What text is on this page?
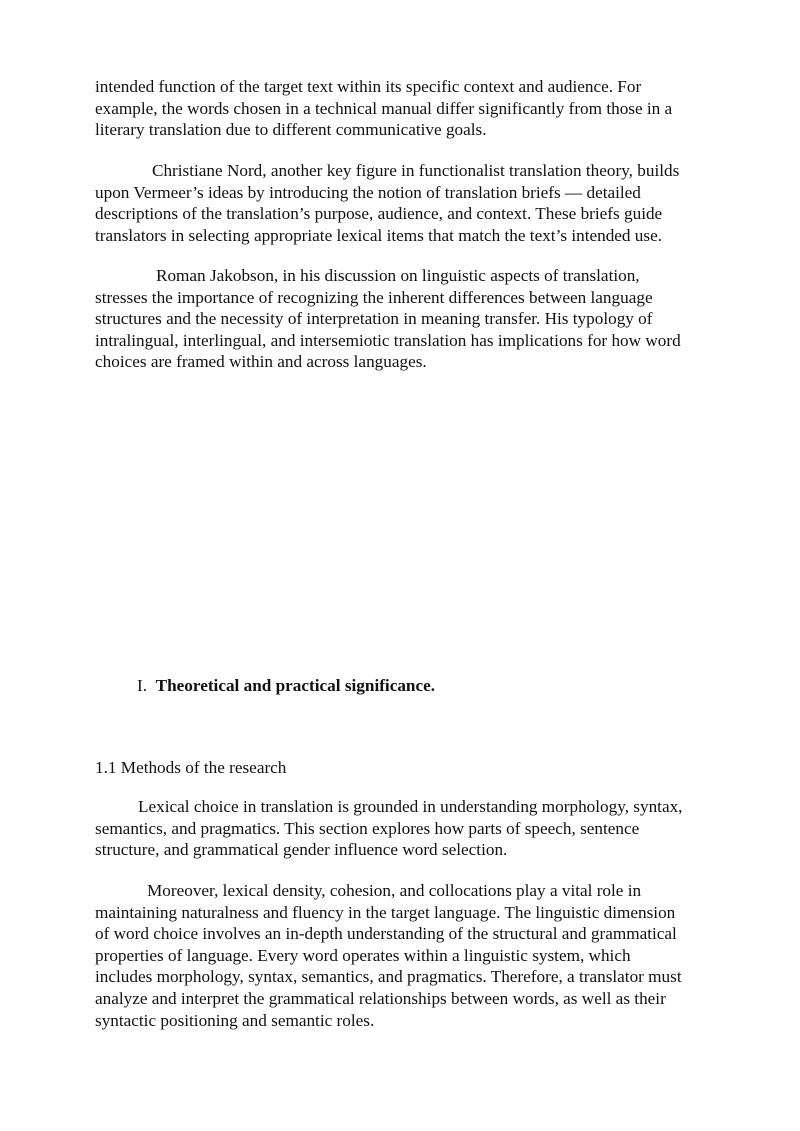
intended function of the target text within its specific context and audience. For
example, the words chosen in a technical manual differ significantly from those in a
literary translation due to different communicative goals.

Christiane Nord, another key figure in functionalist translation theory, builds
upon Vermeer’s ideas by introducing the notion of translation briefs — detailed
descriptions of the translation’s purpose, audience, and context. These briefs guide
translators in selecting appropriate lexical items that match the text’s intended use.

Roman Jakobson, in his discussion on linguistic aspects of translation,
stresses the importance of recognizing the inherent differences between language
structures and the necessity of interpretation in meaning transfer. His typology of
intralingual, interlingual, and intersemiotic translation has implications for how word
choices are framed within and across languages.

I. Theoretical and practical significance.
1.1 Methods of the research

Lexical choice in translation is grounded in understanding morphology, syntax,
semantics, and pragmatics. This section explores how parts of speech, sentence
structure, and grammatical gender influence word selection.

Moreover, lexical density, cohesion, and collocations play a vital role in
maintaining naturalness and fluency in the target language. The linguistic dimension
of word choice involves an in-depth understanding of the structural and grammatical
properties of language. Every word operates within a linguistic system, which
includes morphology, syntax, semantics, and pragmatics. Therefore, a translator must
analyze and interpret the grammatical relationships between words, as well as their
syntactic positioning and semantic roles.
